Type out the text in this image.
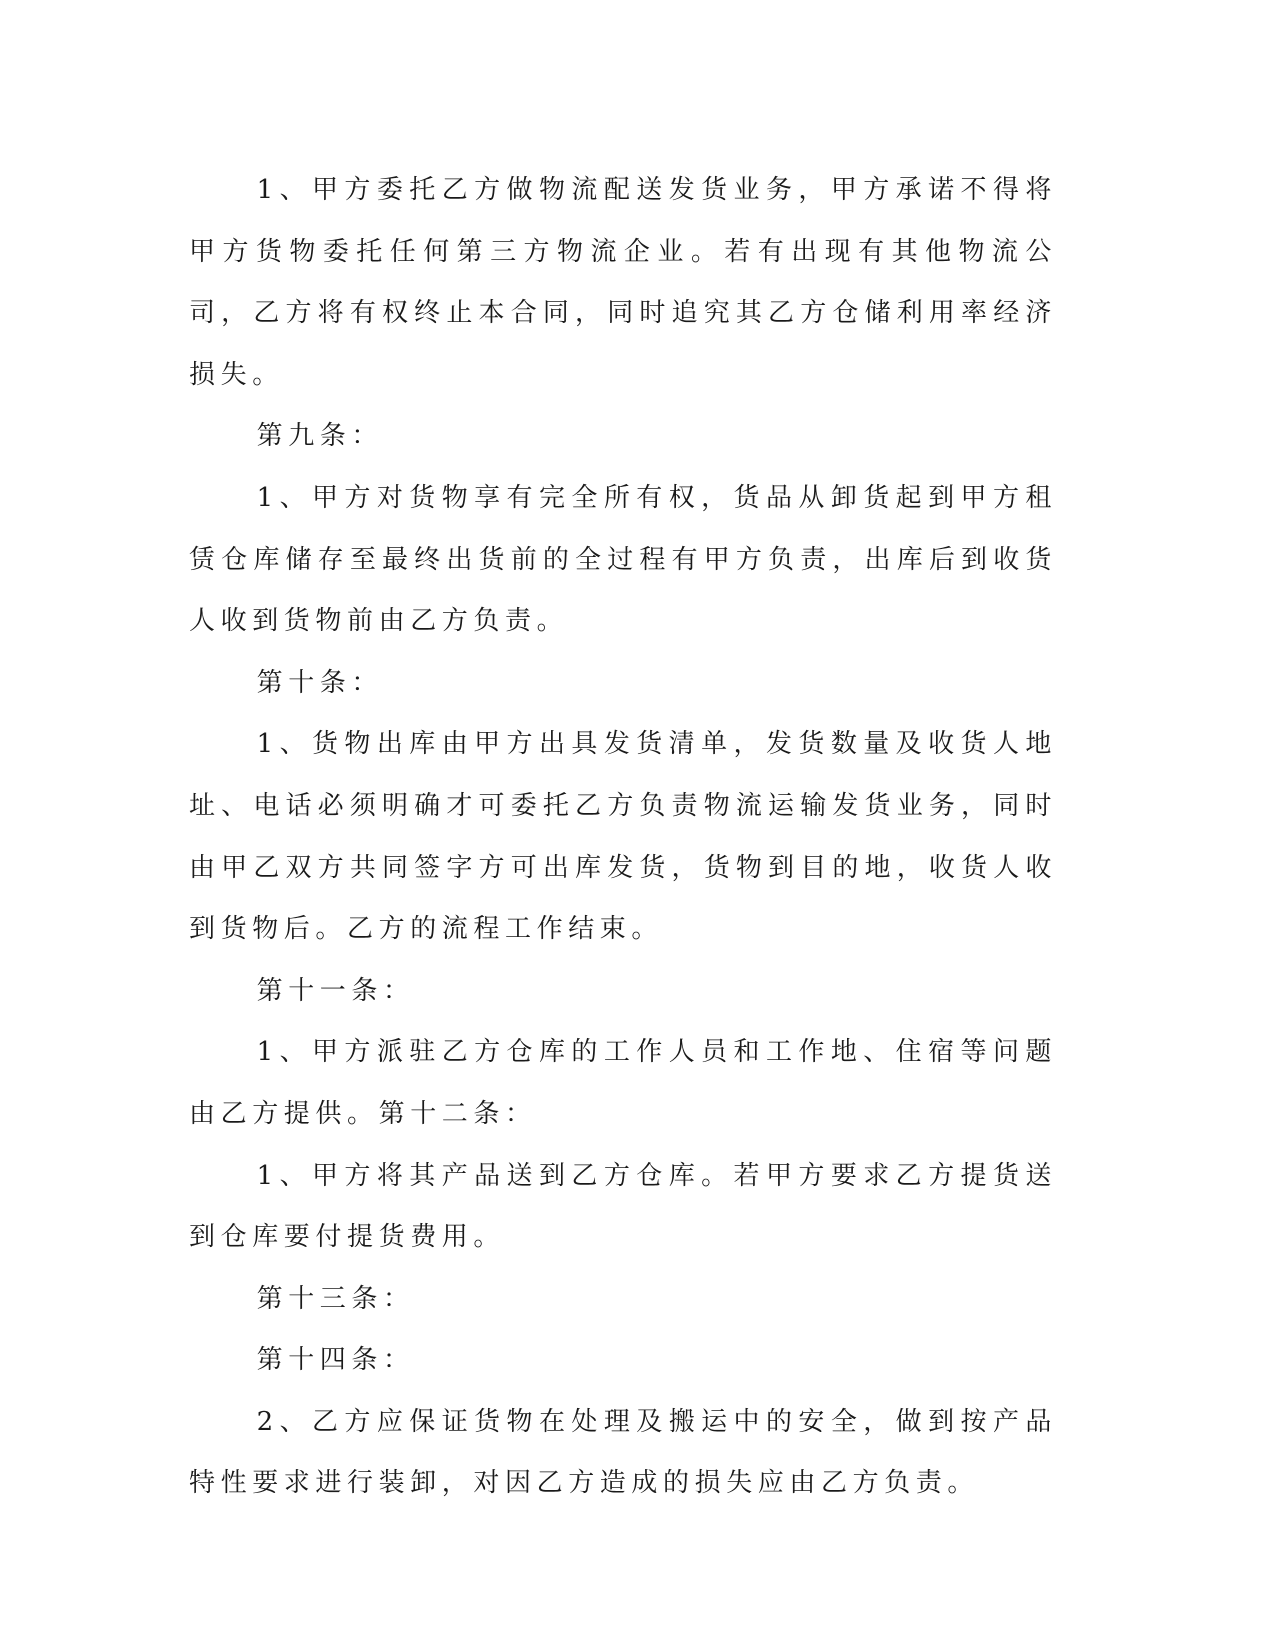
1、甲方委托乙方做物流配送发货业务，甲方承诺不得将甲方货物委托任何第三方物流企业。若有出现有其他物流公司，乙方将有权终止本合同，同时追究其乙方仓储利用率经济损失。

第九条：

1、甲方对货物享有完全所有权，货品从卸货起到甲方租赁仓库储存至最终出货前的全过程有甲方负责，出库后到收货人收到货物前由乙方负责。

第十条：

1、货物出库由甲方出具发货清单，发货数量及收货人地址、电话必须明确才可委托乙方负责物流运输发货业务，同时由甲乙双方共同签字方可出库发货，货物到目的地，收货人收到货物后。乙方的流程工作结束。

第十一条：

1、甲方派驻乙方仓库的工作人员和工作地、住宿等问题由乙方提供。第十二条：

1、甲方将其产品送到乙方仓库。若甲方要求乙方提货送到仓库要付提货费用。

第十三条：

第十四条：

2、乙方应保证货物在处理及搬运中的安全，做到按产品特性要求进行装卸，对因乙方造成的损失应由乙方负责。
